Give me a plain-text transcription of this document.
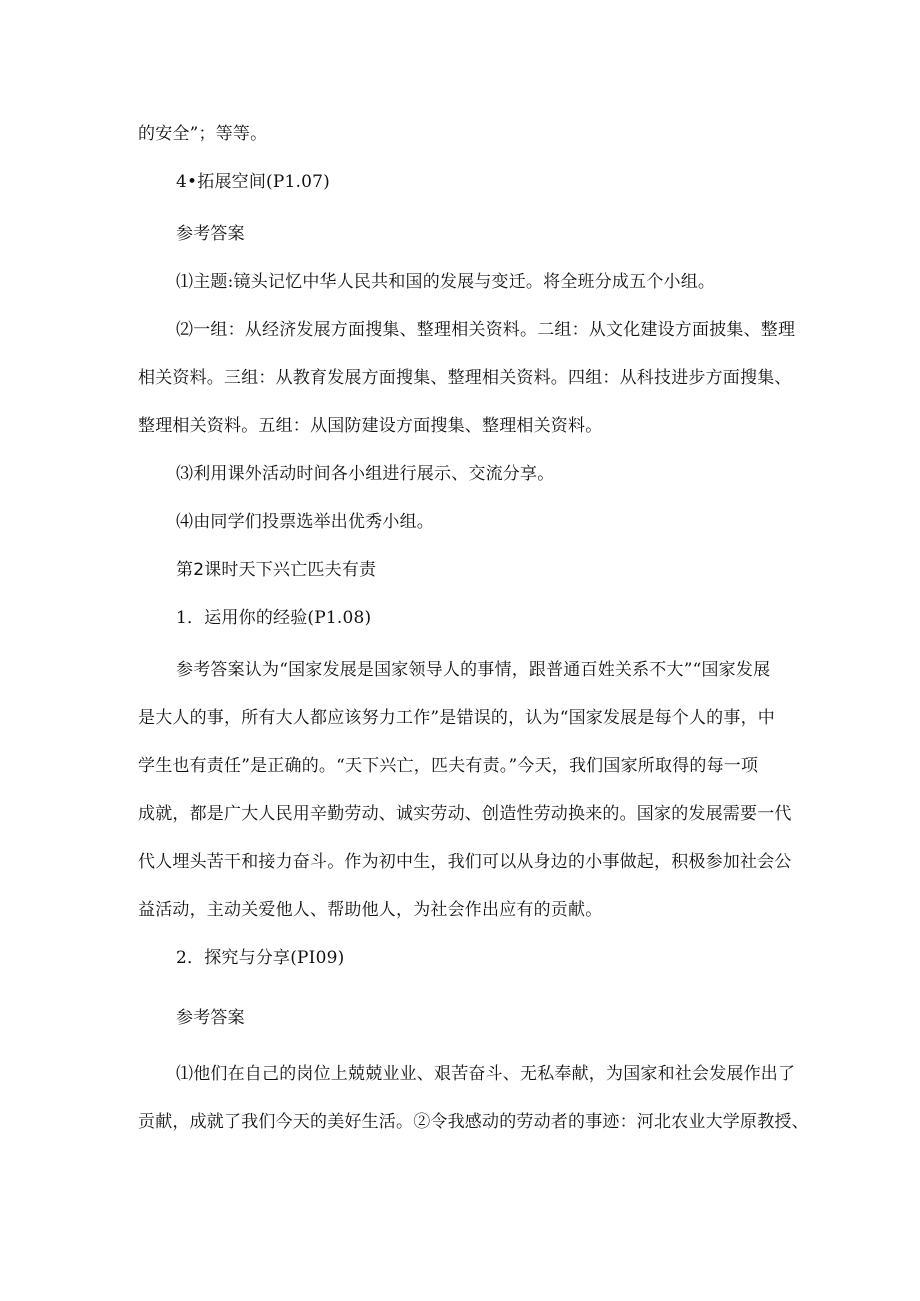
的安全”；等等。
4•拓展空间(P1.07)
参考答案
⑴主题:镜头记忆中华人民共和国的发展与变迁。将全班分成五个小组。
⑵一组：从经济发展方面搜集、整理相关资料。二组：从文化建设方面披集、整理
相关资料。三组：从教育发展方面搜集、整理相关资料。四组：从科技进步方面搜集、
整理相关资料。五组：从国防建设方面搜集、整理相关资料。
⑶利用课外活动时间各小组进行展示、交流分享。
⑷由同学们投票选举出优秀小组。
第2课时天下兴亡匹夫有责
1．运用你的经验(P1.08)
参考答案认为“国家发展是国家领导人的事情，跟普通百姓关系不大”“国家发展
是大人的事，所有大人都应该努力工作”是错误的，认为“国家发展是每个人的事，中
学生也有责任”是正确的。“天下兴亡，匹夫有责。”今天，我们国家所取得的每一项
成就，都是广大人民用辛勤劳动、诚实劳动、创造性劳动换来的。国家的发展需要一代
代人埋头苦干和接力奋斗。作为初中生，我们可以从身边的小事做起，积极参加社会公
益活动，主动关爱他人、帮助他人，为社会作出应有的贡献。
2．探究与分享(PI09)
参考答案
⑴他们在自己的岗位上兢兢业业、艰苦奋斗、无私奉献，为国家和社会发展作出了
贡献，成就了我们今天的美好生活。②令我感动的劳动者的事迹：河北农业大学原教授、
